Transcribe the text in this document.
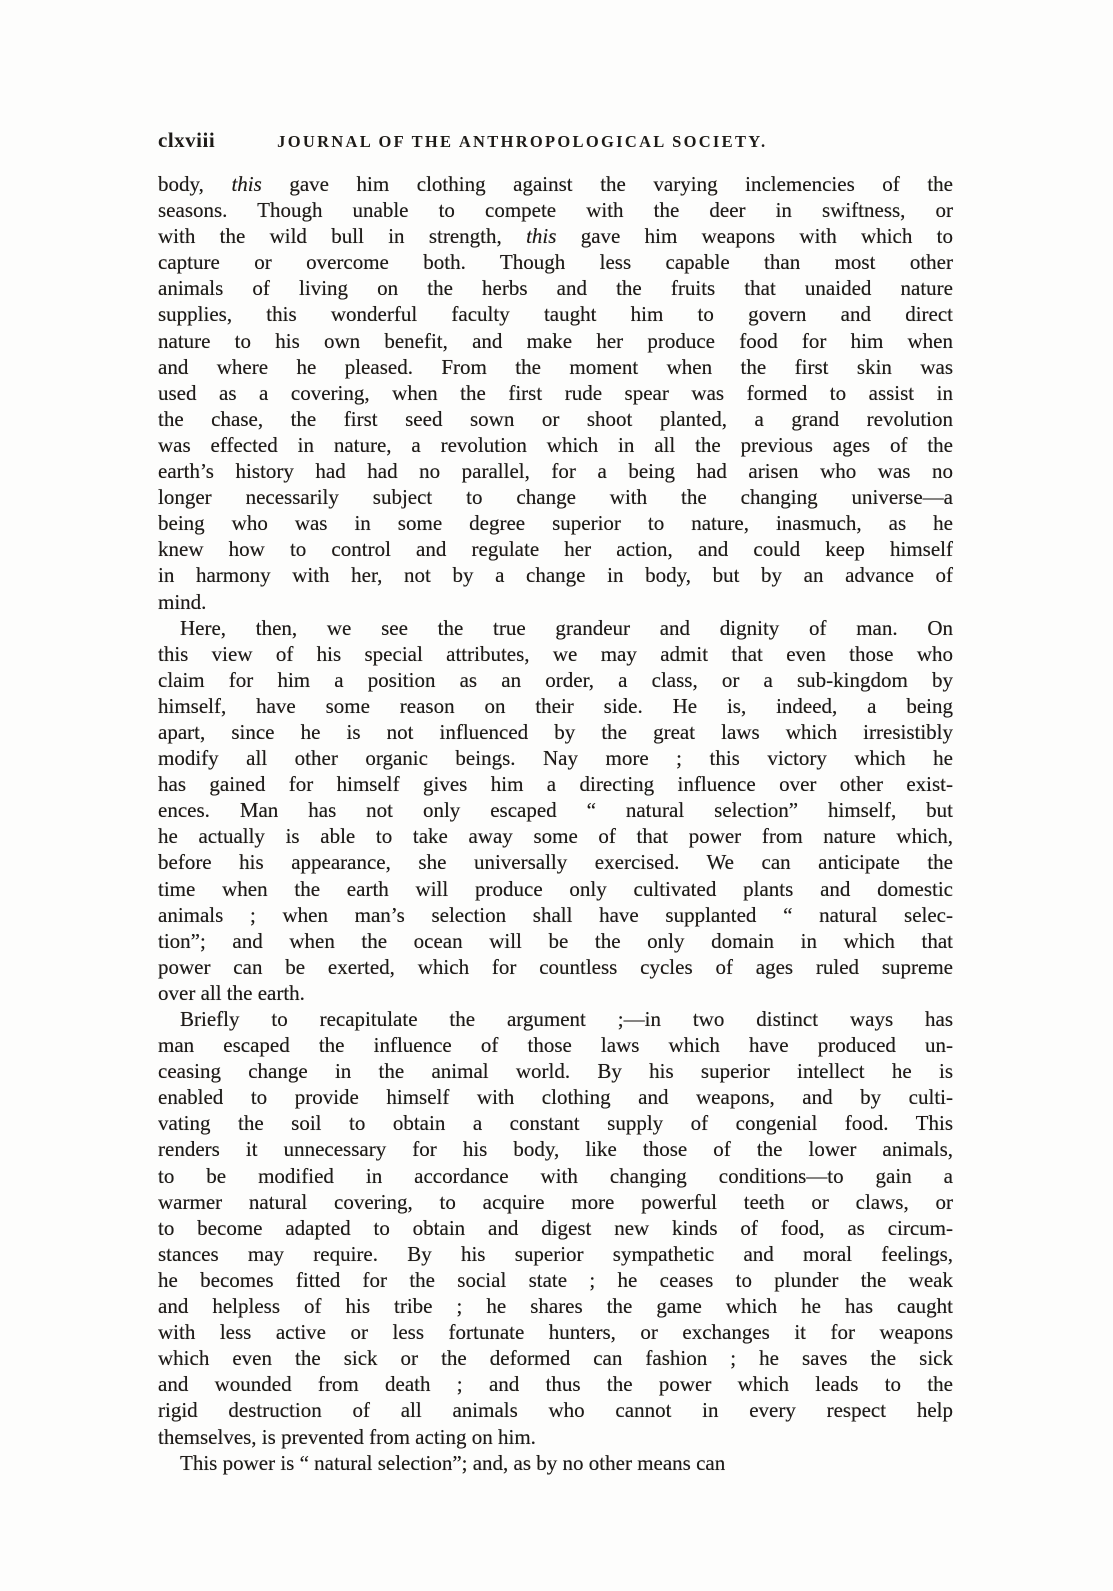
clxviii	JOURNAL OF THE ANTHROPOLOGICAL SOCIETY.
body, this gave him clothing against the varying inclemencies of the
seasons. Though unable to compete with the deer in swiftness, or
with the wild bull in strength, this gave him weapons with which to
capture or overcome both. Though less capable than most other
animals of living on the herbs and the fruits that unaided nature
supplies, this wonderful faculty taught him to govern and direct
nature to his own benefit, and make her produce food for him when
and where he pleased. From the moment when the first skin was
used as a covering, when the first rude spear was formed to assist in
the chase, the first seed sown or shoot planted, a grand revolution
was effected in nature, a revolution which in all the previous ages of the
earth’s history had had no parallel, for a being had arisen who was no
longer necessarily subject to change with the changing universe—a
being who was in some degree superior to nature, inasmuch, as he
knew how to control and regulate her action, and could keep himself
in harmony with her, not by a change in body, but by an advance of
mind.
Here, then, we see the true grandeur and dignity of man. On
this view of his special attributes, we may admit that even those who
claim for him a position as an order, a class, or a sub-kingdom by
himself, have some reason on their side. He is, indeed, a being
apart, since he is not influenced by the great laws which irresistibly
modify all other organic beings. Nay more ; this victory which he
has gained for himself gives him a directing influence over other exist-
ences. Man has not only escaped “ natural selection” himself, but
he actually is able to take away some of that power from nature which,
before his appearance, she universally exercised. We can anticipate the
time when the earth will produce only cultivated plants and domestic
animals ; when man’s selection shall have supplanted “ natural selec-
tion”; and when the ocean will be the only domain in which that
power can be exerted, which for countless cycles of ages ruled supreme
over all the earth.
Briefly to recapitulate the argument ;—in two distinct ways has
man escaped the influence of those laws which have produced un-
ceasing change in the animal world. By his superior intellect he is
enabled to provide himself with clothing and weapons, and by culti-
vating the soil to obtain a constant supply of congenial food. This
renders it unnecessary for his body, like those of the lower animals,
to be modified in accordance with changing conditions—to gain a
warmer natural covering, to acquire more powerful teeth or claws, or
to become adapted to obtain and digest new kinds of food, as circum-
stances may require. By his superior sympathetic and moral feelings,
he becomes fitted for the social state ; he ceases to plunder the weak
and helpless of his tribe ; he shares the game which he has caught
with less active or less fortunate hunters, or exchanges it for weapons
which even the sick or the deformed can fashion ; he saves the sick
and wounded from death ; and thus the power which leads to the
rigid destruction of all animals who cannot in every respect help
themselves, is prevented from acting on him.
This power is “ natural selection”; and, as by no other means can
